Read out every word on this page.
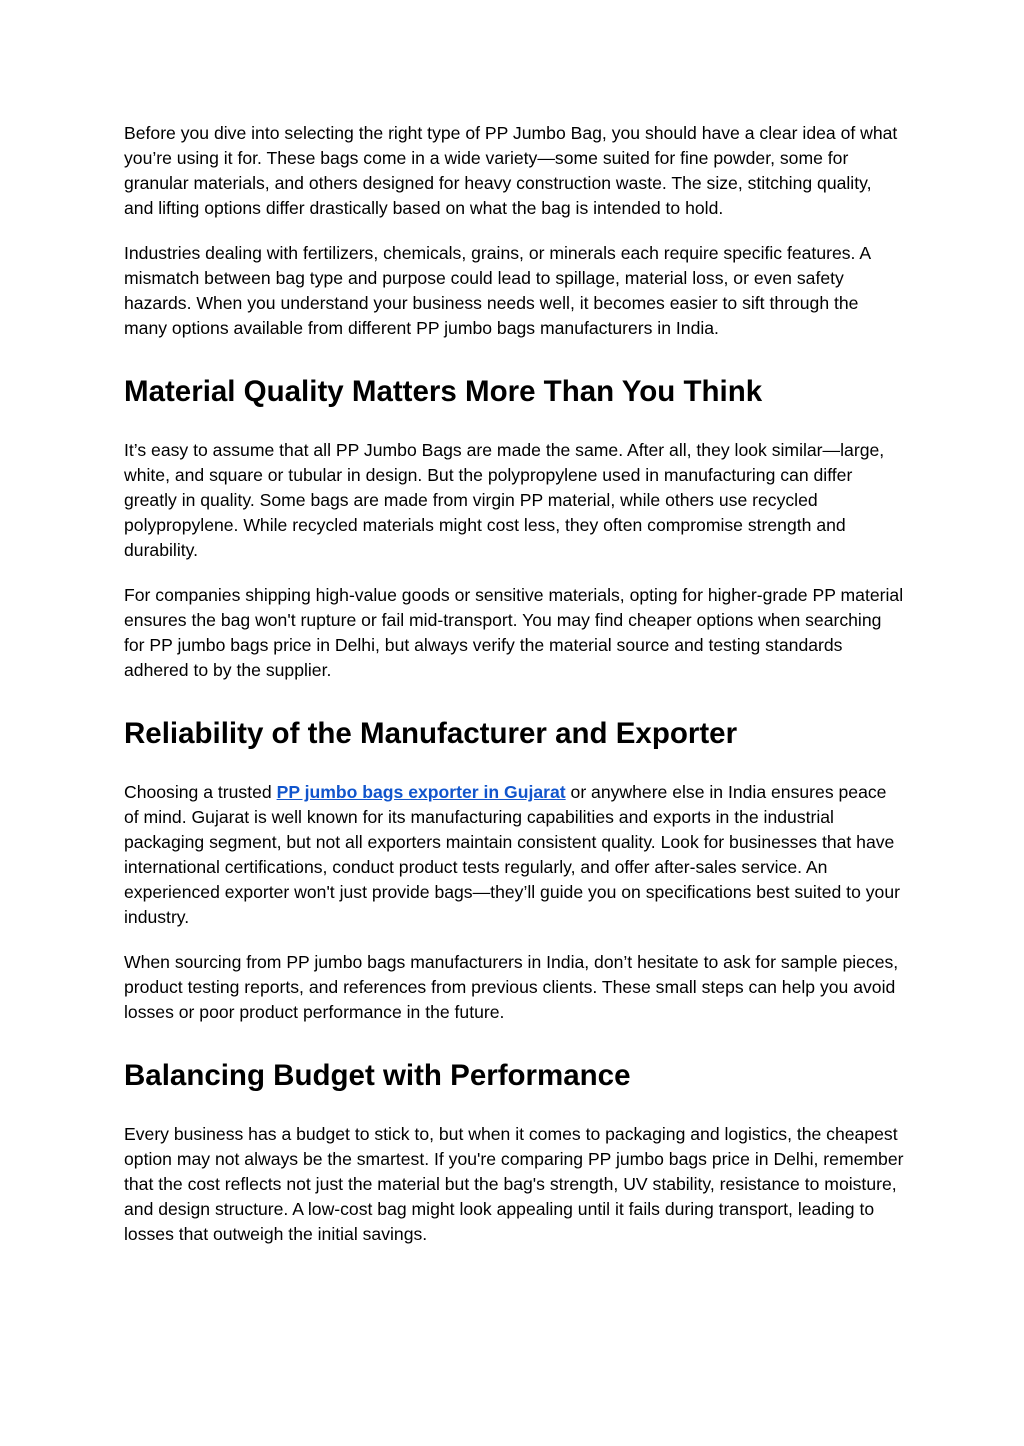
Before you dive into selecting the right type of PP Jumbo Bag, you should have a clear idea of what you’re using it for. These bags come in a wide variety—some suited for fine powder, some for granular materials, and others designed for heavy construction waste. The size, stitching quality, and lifting options differ drastically based on what the bag is intended to hold.

Industries dealing with fertilizers, chemicals, grains, or minerals each require specific features. A mismatch between bag type and purpose could lead to spillage, material loss, or even safety hazards. When you understand your business needs well, it becomes easier to sift through the many options available from different PP jumbo bags manufacturers in India.

Material Quality Matters More Than You Think

It’s easy to assume that all PP Jumbo Bags are made the same. After all, they look similar—large, white, and square or tubular in design. But the polypropylene used in manufacturing can differ greatly in quality. Some bags are made from virgin PP material, while others use recycled polypropylene. While recycled materials might cost less, they often compromise strength and durability.

For companies shipping high-value goods or sensitive materials, opting for higher-grade PP material ensures the bag won't rupture or fail mid-transport. You may find cheaper options when searching for PP jumbo bags price in Delhi, but always verify the material source and testing standards adhered to by the supplier.

Reliability of the Manufacturer and Exporter

Choosing a trusted PP jumbo bags exporter in Gujarat or anywhere else in India ensures peace of mind. Gujarat is well known for its manufacturing capabilities and exports in the industrial packaging segment, but not all exporters maintain consistent quality. Look for businesses that have international certifications, conduct product tests regularly, and offer after-sales service. An experienced exporter won't just provide bags—they’ll guide you on specifications best suited to your industry.

When sourcing from PP jumbo bags manufacturers in India, don’t hesitate to ask for sample pieces, product testing reports, and references from previous clients. These small steps can help you avoid losses or poor product performance in the future.

Balancing Budget with Performance

Every business has a budget to stick to, but when it comes to packaging and logistics, the cheapest option may not always be the smartest. If you're comparing PP jumbo bags price in Delhi, remember that the cost reflects not just the material but the bag's strength, UV stability, resistance to moisture, and design structure. A low-cost bag might look appealing until it fails during transport, leading to losses that outweigh the initial savings.
